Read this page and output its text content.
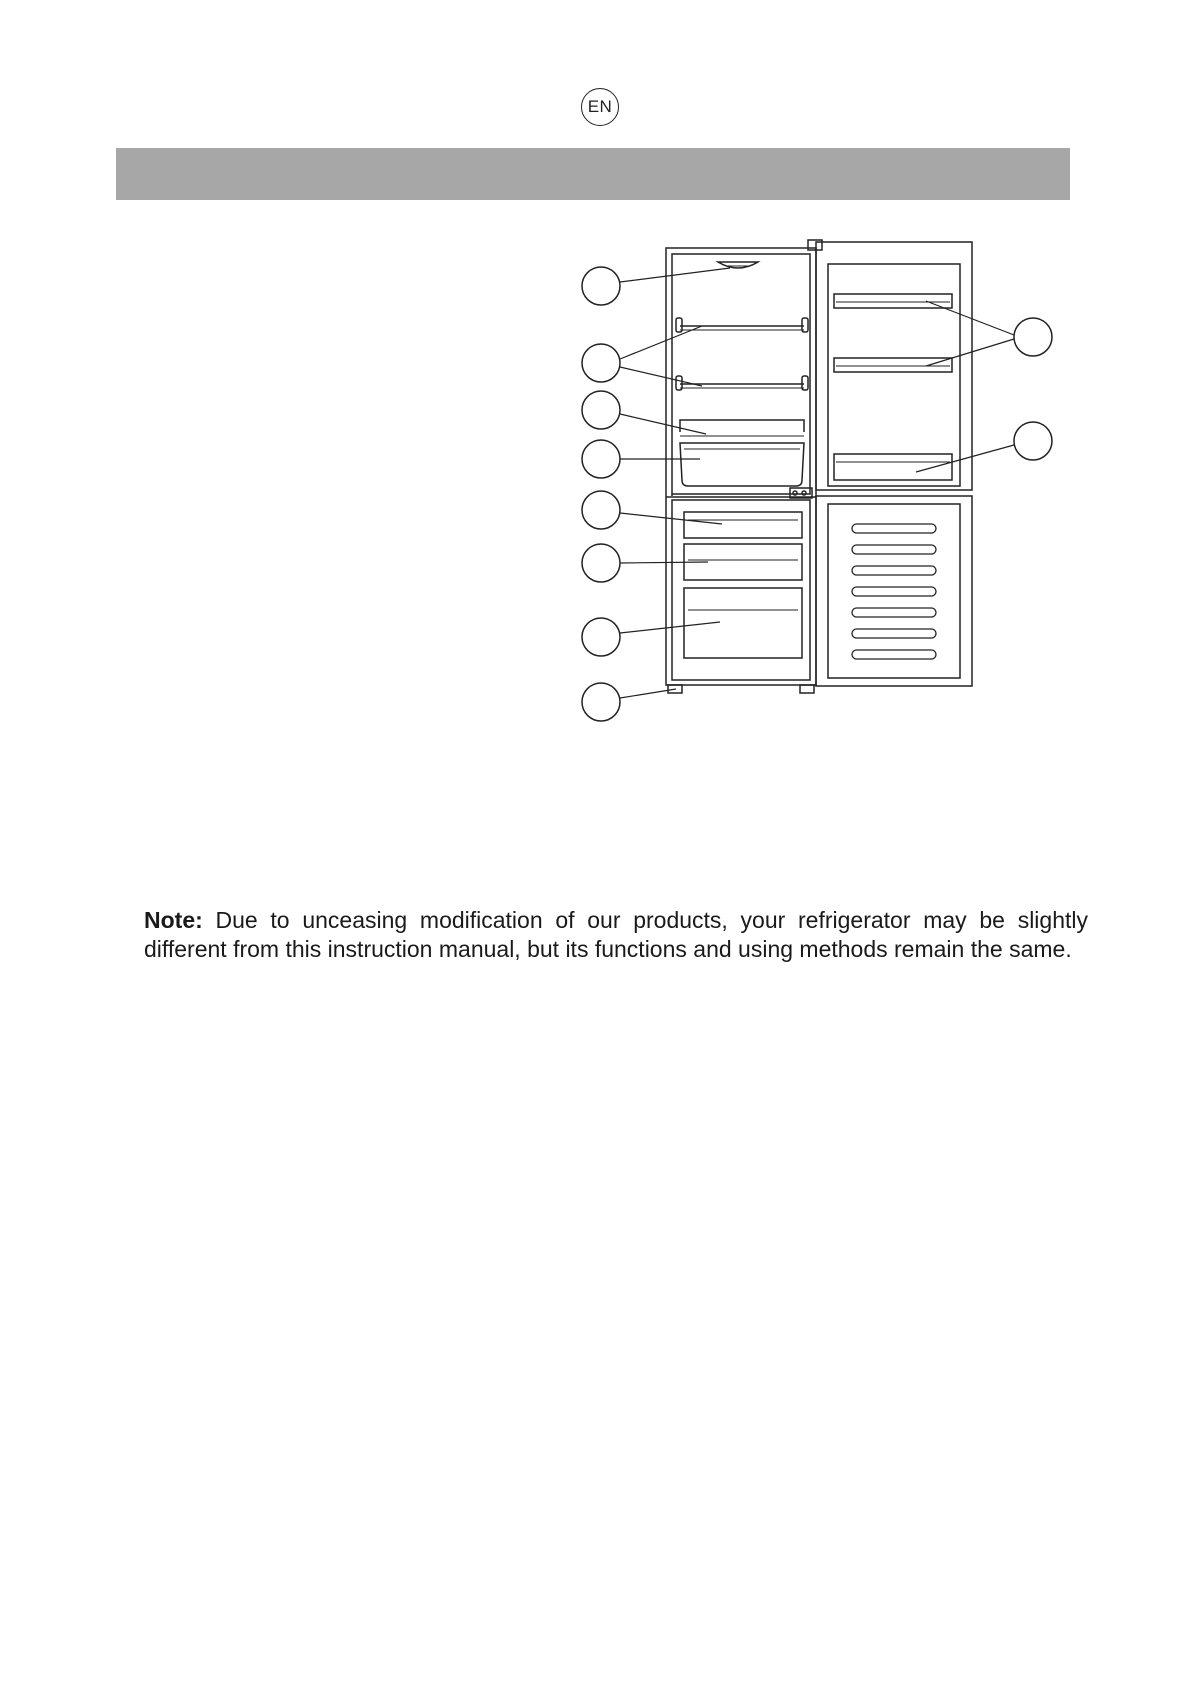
EN

Note: Due to unceasing modification of our products, your refrigerator may be slightly different from this instruction manual, but its functions and using methods remain the same.
